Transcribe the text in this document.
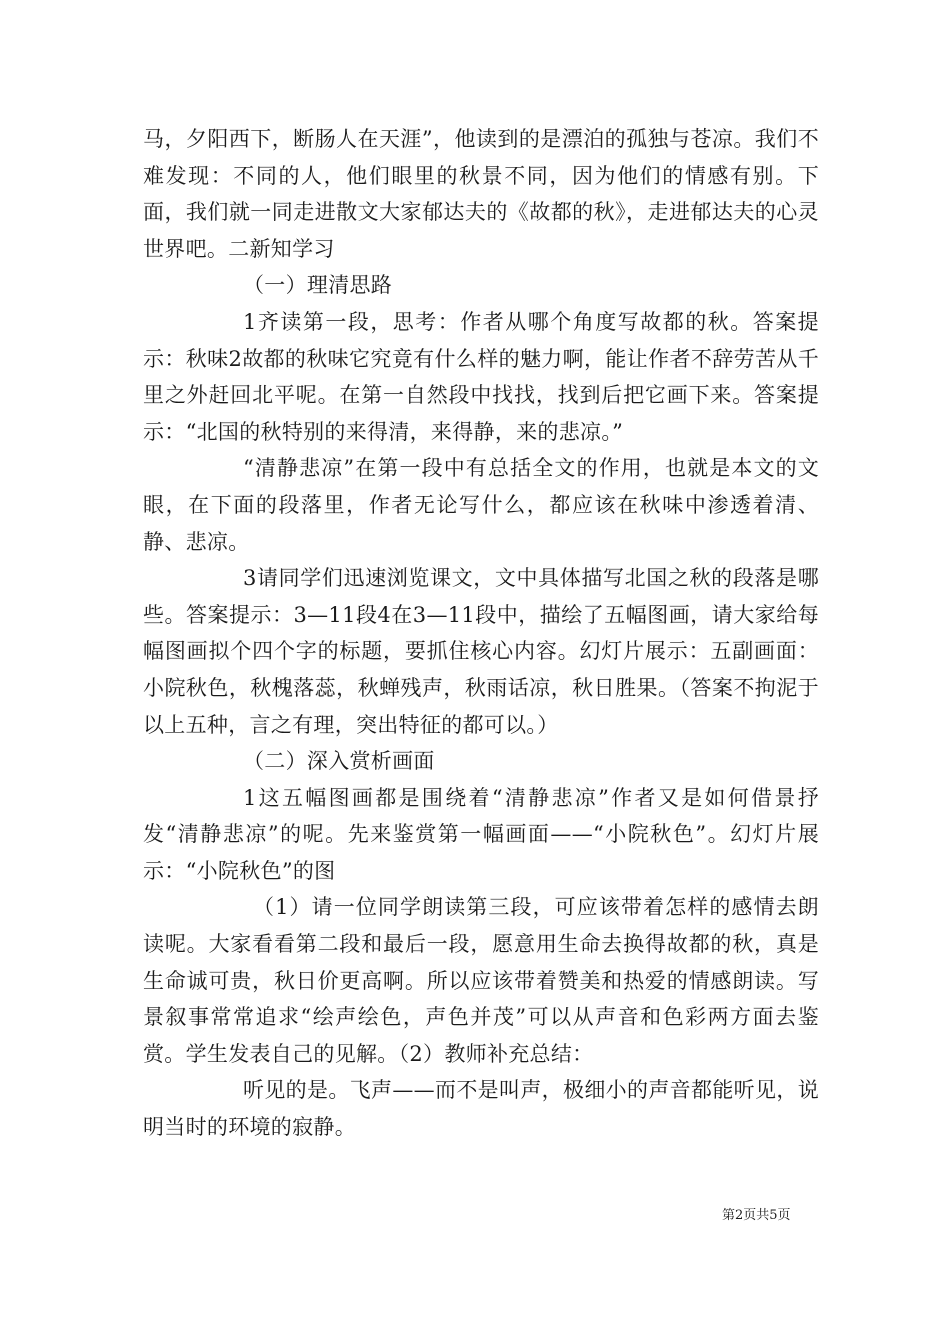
马，夕阳西下，断肠人在天涯”，他读到的是漂泊的孤独与苍凉。我们不难发现：不同的人，他们眼里的秋景不同，因为他们的情感有别。下面，我们就一同走进散文大家郁达夫的《故都的秋》，走进郁达夫的心灵世界吧。二新知学习

（一）理清思路

1齐读第一段，思考：作者从哪个角度写故都的秋。答案提示：秋味2故都的秋味它究竟有什么样的魅力啊，能让作者不辞劳苦从千里之外赶回北平呢。在第一自然段中找找，找到后把它画下来。答案提示：“北国的秋特别的来得清，来得静，来的悲凉。”

“清静悲凉”在第一段中有总括全文的作用，也就是本文的文眼，在下面的段落里，作者无论写什么，都应该在秋味中渗透着清、静、悲凉。

3请同学们迅速浏览课文，文中具体描写北国之秋的段落是哪些。答案提示：3—11段4在3—11段中，描绘了五幅图画，请大家给每幅图画拟个四个字的标题，要抓住核心内容。幻灯片展示：五副画面：小院秋色，秋槐落蕊，秋蝉残声，秋雨话凉，秋日胜果。（答案不拘泥于以上五种，言之有理，突出特征的都可以。）

（二）深入赏析画面

1这五幅图画都是围绕着“清静悲凉”作者又是如何借景抒发“清静悲凉”的呢。先来鉴赏第一幅画面——“小院秋色”。幻灯片展示：“小院秋色”的图

（1）请一位同学朗读第三段，可应该带着怎样的感情去朗读呢。大家看看第二段和最后一段，愿意用生命去换得故都的秋，真是生命诚可贵，秋日价更高啊。所以应该带着赞美和热爱的情感朗读。写景叙事常常追求“绘声绘色，声色并茂”可以从声音和色彩两方面去鉴赏。学生发表自己的见解。（2）教师补充总结：

听见的是。飞声——而不是叫声，极细小的声音都能听见，说明当时的环境的寂静。

第2页共5页
